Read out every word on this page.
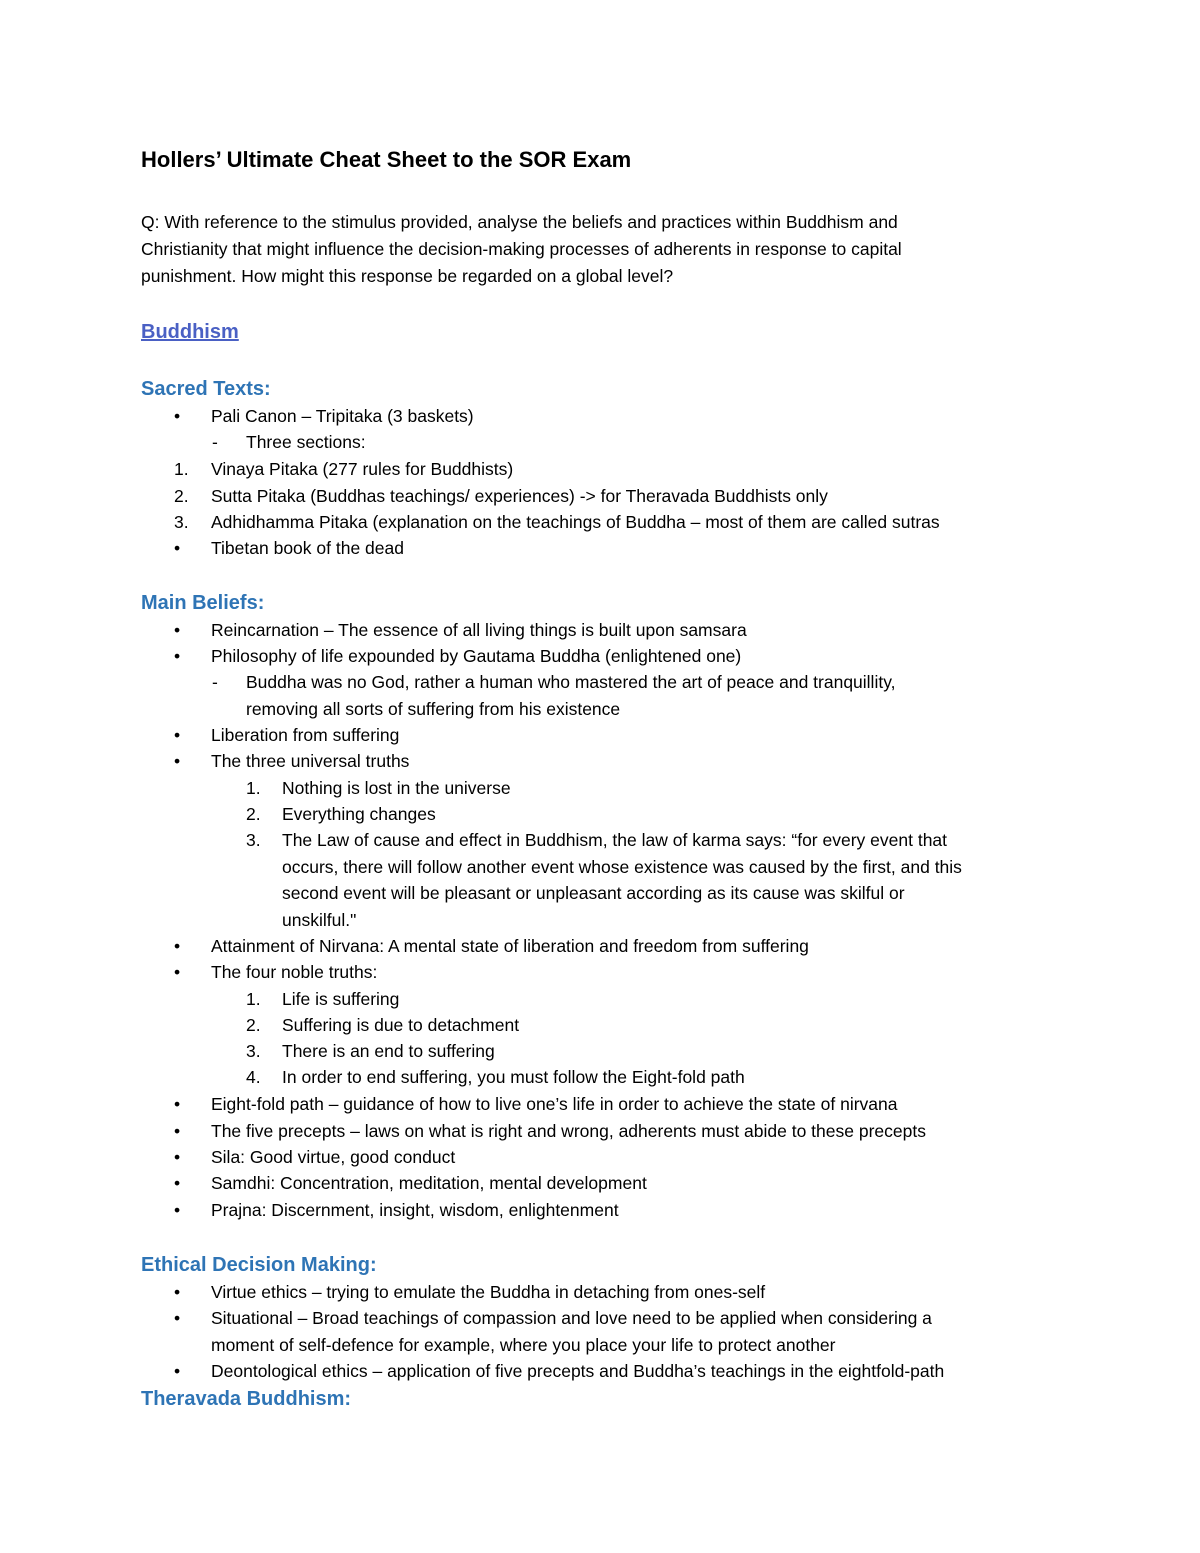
Hollers’ Ultimate Cheat Sheet to the SOR Exam

Q: With reference to the stimulus provided, analyse the beliefs and practices within Buddhism and
Christianity that might influence the decision-making processes of adherents in response to capital
punishment. How might this response be regarded on a global level?

Buddhism
Sacred Texts:
• Pali Canon – Tripitaka (3 baskets)

- Three sections:

1. Vinaya Pitaka (277 rules for Buddhists)

2. Sutta Pitaka (Buddhas teachings/ experiences) -> for Theravada Buddhists only

3. Adhidhamma Pitaka (explanation on the teachings of Buddha – most of them are called sutras

• Tibetan book of the dead

Main Beliefs:
• Reincarnation – The essence of all living things is built upon samsara

• Philosophy of life expounded by Gautama Buddha (enlightened one)

- Buddha was no God, rather a human who mastered the art of peace and tranquillity,
removing all sorts of suffering from his existence

• Liberation from suffering

• The three universal truths

1. Nothing is lost in the universe

2. Everything changes

3. The Law of cause and effect in Buddhism, the law of karma says: “for every event that
occurs, there will follow another event whose existence was caused by the first, and this
second event will be pleasant or unpleasant according as its cause was skilful or
unskilful."

• Attainment of Nirvana: A mental state of liberation and freedom from suffering

• The four noble truths:

1. Life is suffering

2. Suffering is due to detachment

3. There is an end to suffering

4. In order to end suffering, you must follow the Eight-fold path

• Eight-fold path – guidance of how to live one’s life in order to achieve the state of nirvana

• The five precepts – laws on what is right and wrong, adherents must abide to these precepts

• Sila: Good virtue, good conduct

• Samdhi: Concentration, meditation, mental development

• Prajna: Discernment, insight, wisdom, enlightenment

Ethical Decision Making:
• Virtue ethics – trying to emulate the Buddha in detaching from ones-self

• Situational – Broad teachings of compassion and love need to be applied when considering a
moment of self-defence for example, where you place your life to protect another

• Deontological ethics – application of five precepts and Buddha’s teachings in the eightfold-path

Theravada Buddhism:
